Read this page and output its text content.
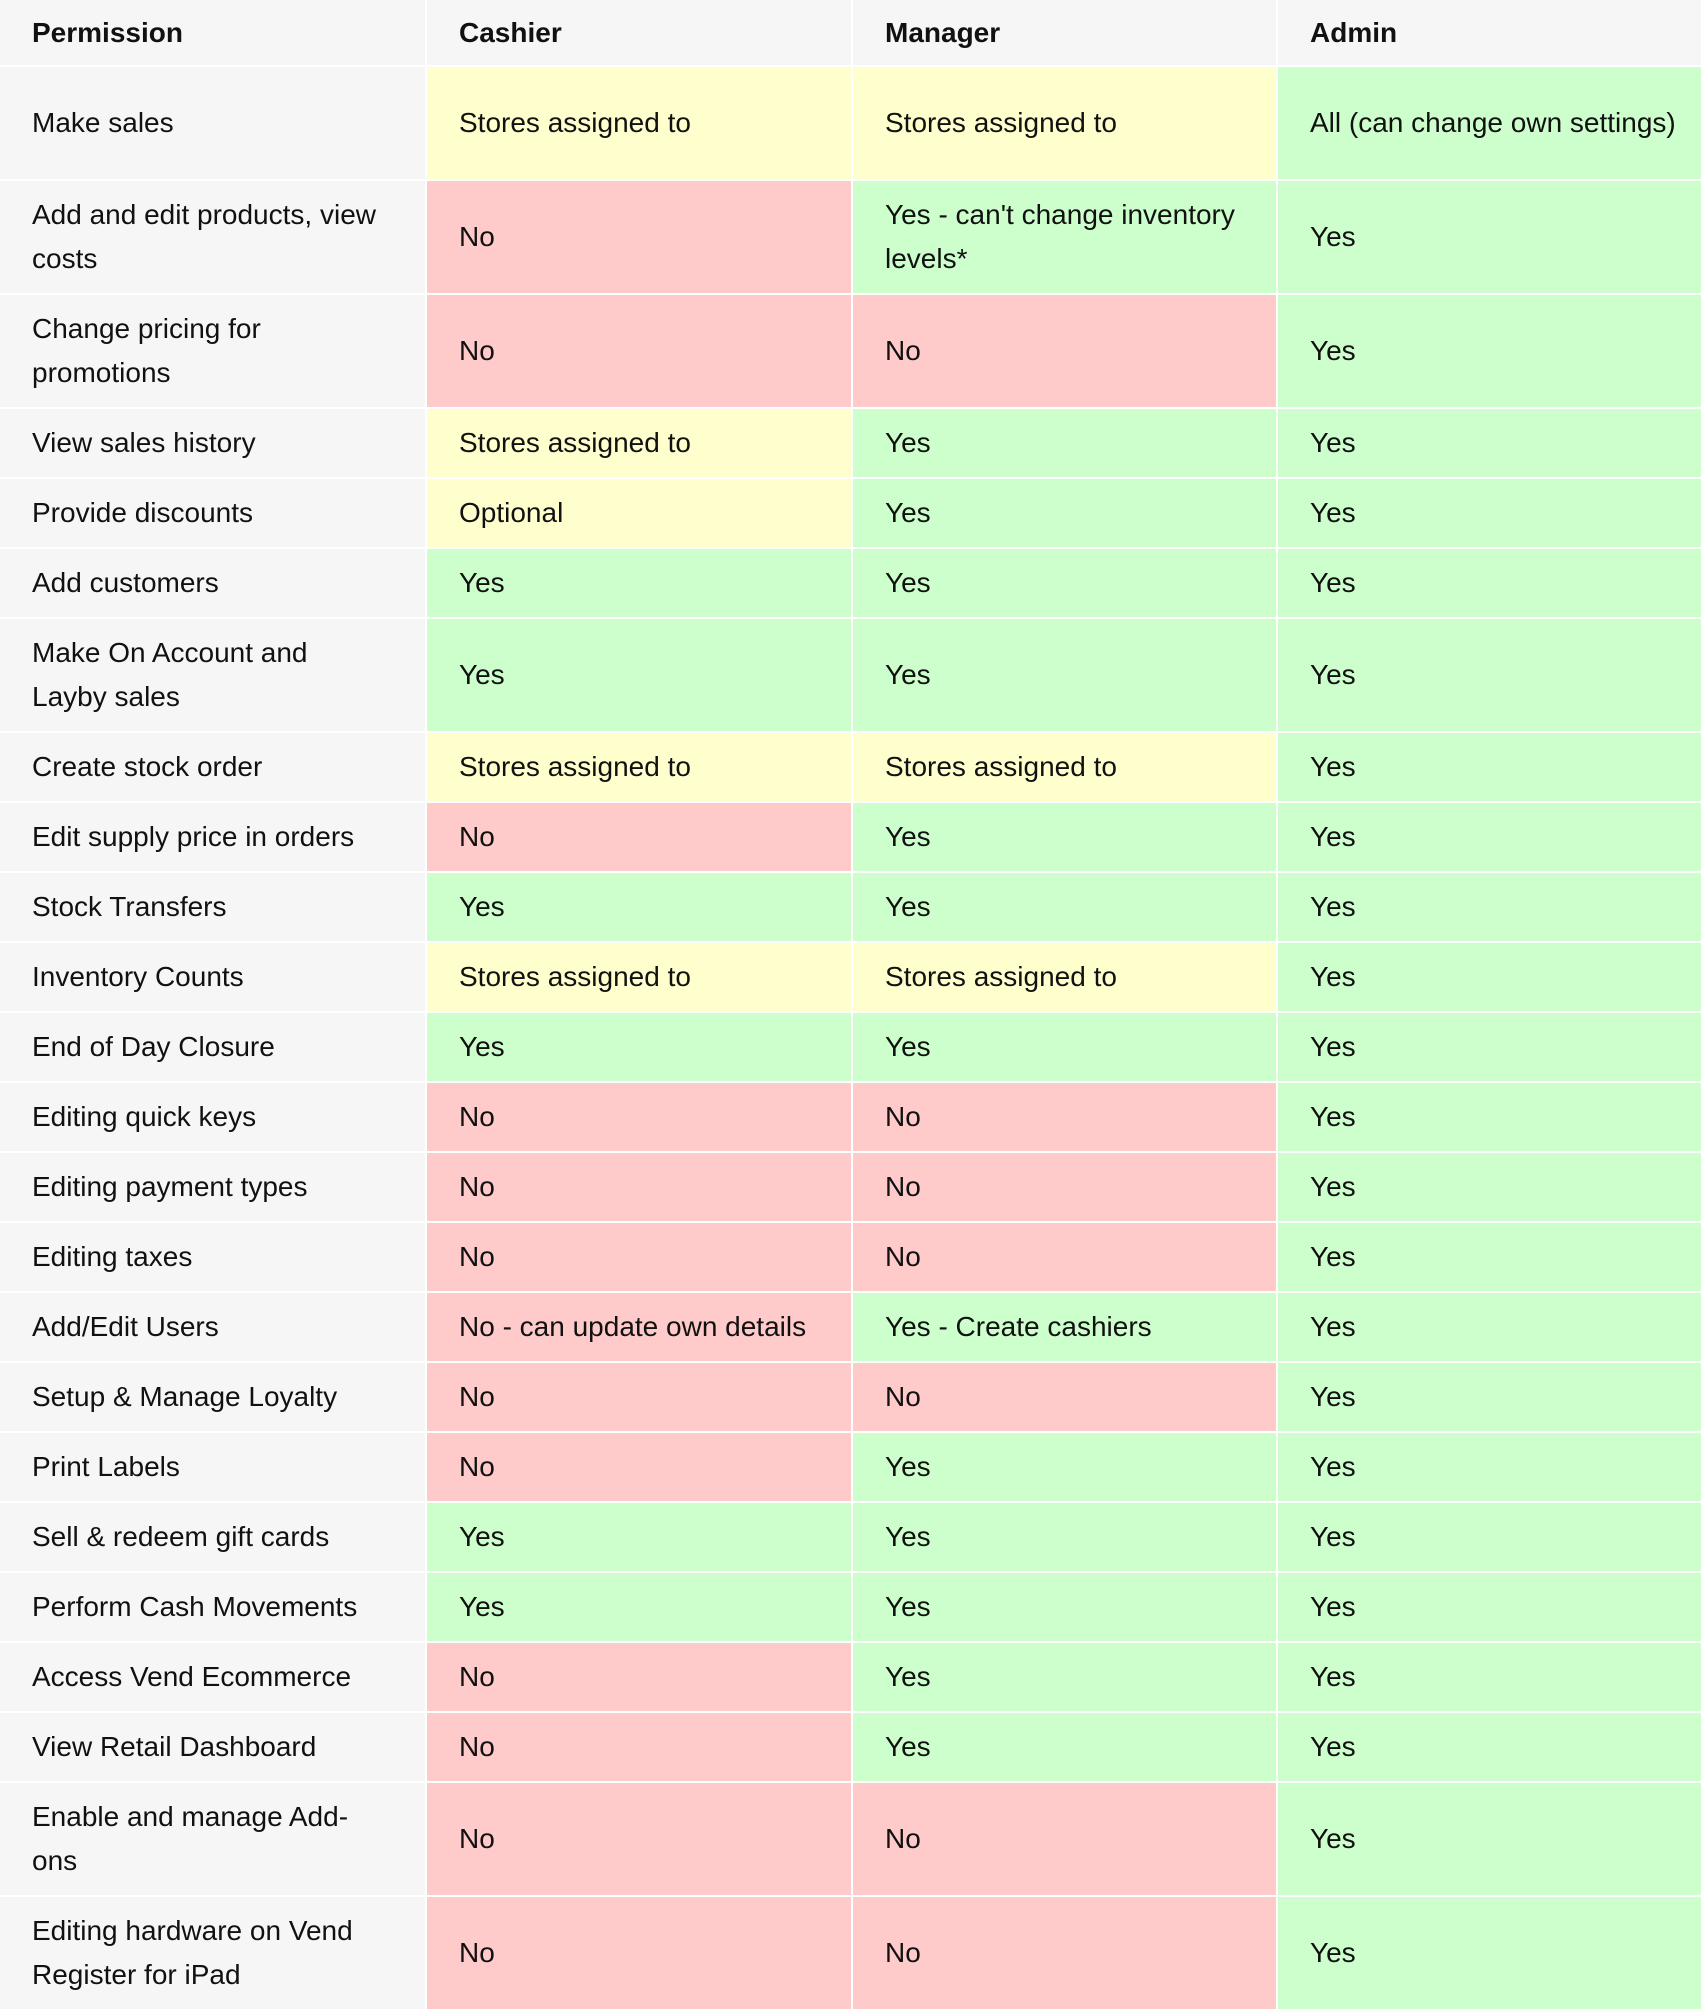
Permission	Cashier	Manager	Admin
Make sales	Stores assigned to	Stores assigned to	All (can change own settings)
Add and edit products, view costs	No	Yes - can't change inventory levels*	Yes
Change pricing for promotions	No	No	Yes
View sales history	Stores assigned to	Yes	Yes
Provide discounts	Optional	Yes	Yes
Add customers	Yes	Yes	Yes
Make On Account and Layby sales	Yes	Yes	Yes
Create stock order	Stores assigned to	Stores assigned to	Yes
Edit supply price in orders	No	Yes	Yes
Stock Transfers	Yes	Yes	Yes
Inventory Counts	Stores assigned to	Stores assigned to	Yes
End of Day Closure	Yes	Yes	Yes
Editing quick keys	No	No	Yes
Editing payment types	No	No	Yes
Editing taxes	No	No	Yes
Add/Edit Users	No - can update own details	Yes - Create cashiers	Yes
Setup & Manage Loyalty	No	No	Yes
Print Labels	No	Yes	Yes
Sell & redeem gift cards	Yes	Yes	Yes
Perform Cash Movements	Yes	Yes	Yes
Access Vend Ecommerce	No	Yes	Yes
View Retail Dashboard	No	Yes	Yes
Enable and manage Add-ons	No	No	Yes
Editing hardware on Vend Register for iPad	No	No	Yes
